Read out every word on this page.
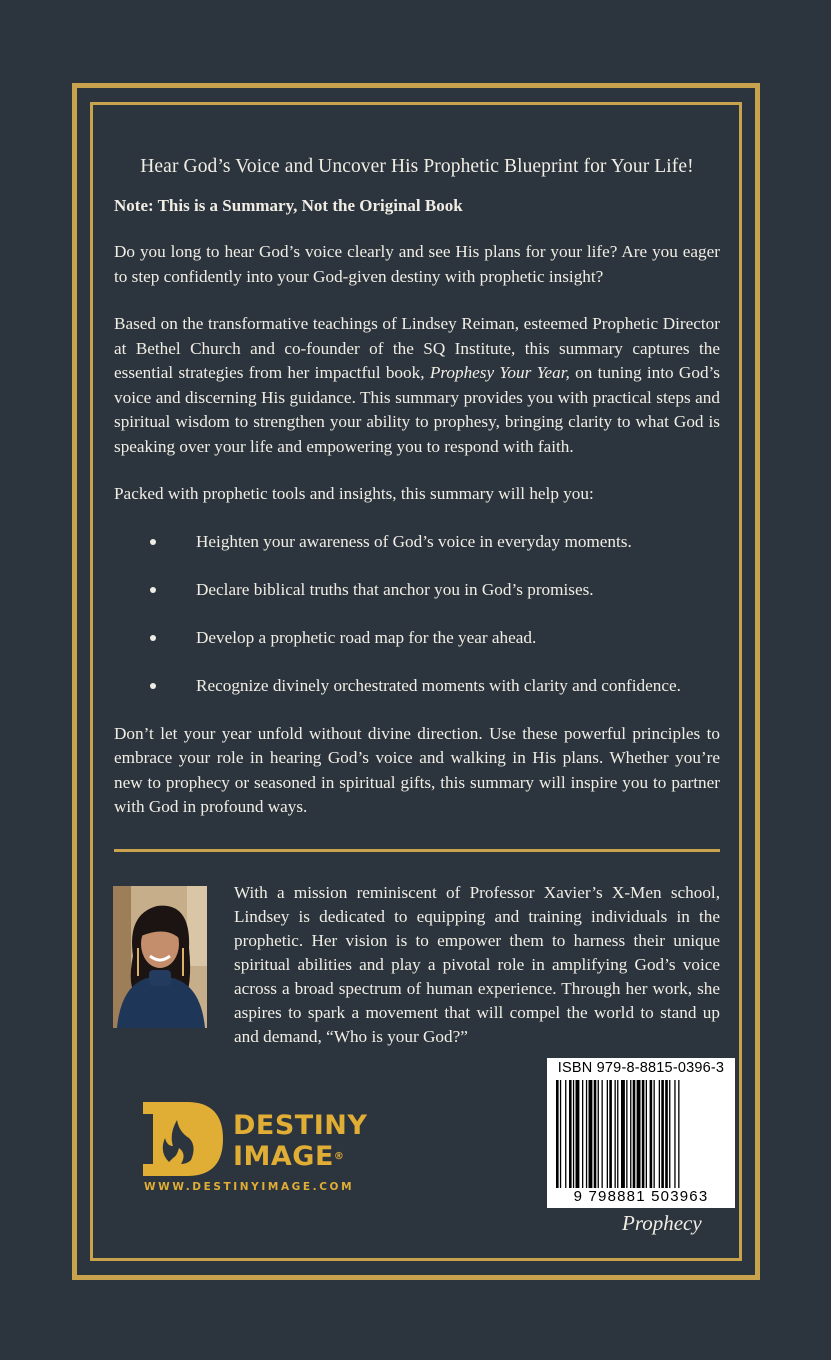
Hear God’s Voice and Uncover His Prophetic Blueprint for Your Life!
Note: This is a Summary, Not the Original Book

Do you long to hear God’s voice clearly and see His plans for your life? Are you eager to step confidently into your God-given destiny with prophetic insight?

Based on the transformative teachings of Lindsey Reiman, esteemed Prophetic Director at Bethel Church and co-founder of the SQ Institute, this summary captures the essential strategies from her impactful book, Prophesy Your Year, on tuning into God’s voice and discerning His guidance. This summary provides you with practical steps and spiritual wisdom to strengthen your ability to prophesy, bringing clarity to what God is speaking over your life and empowering you to respond with faith.

Packed with prophetic tools and insights, this summary will help you:

Heighten your awareness of God’s voice in everyday moments.
Declare biblical truths that anchor you in God’s promises.
Develop a prophetic road map for the year ahead.
Recognize divinely orchestrated moments with clarity and confidence.

Don’t let your year unfold without divine direction. Use these powerful principles to embrace your role in hearing God’s voice and walking in His plans. Whether you’re new to prophecy or seasoned in spiritual gifts, this summary will inspire you to partner with God in profound ways.

With a mission reminiscent of Professor Xavier’s X-Men school, Lindsey is dedicated to equipping and training individuals in the prophetic. Her vision is to empower them to harness their unique spiritual abilities and play a pivotal role in amplifying God’s voice across a broad spectrum of human experience. Through her work, she aspires to spark a movement that will compel the world to stand up and demand, “Who is your God?”
DESTINY
IMAGE®
WWW.DESTINYIMAGE.COM
ISBN 979-8-8815-0396-3
9 798881 503963
Prophecy
